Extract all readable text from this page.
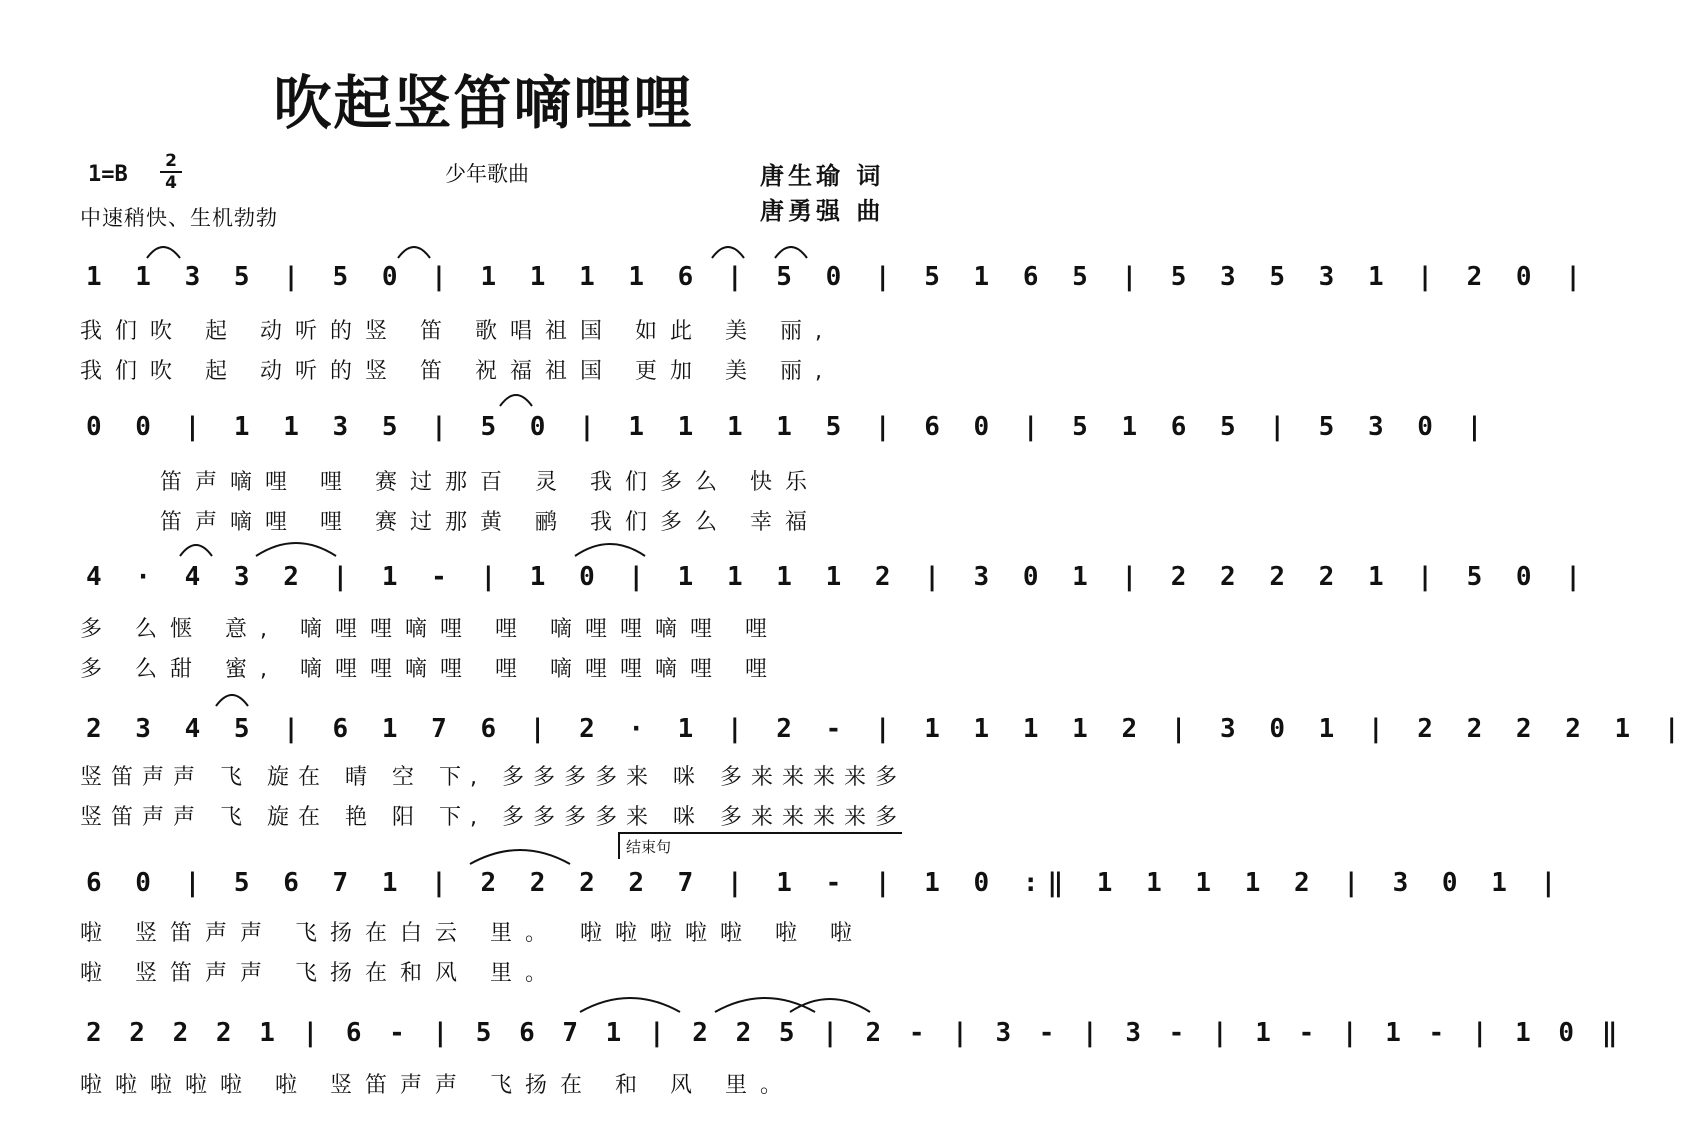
吹起竖笛嘀哩哩
1=B
2
4	少年歌曲	唐生瑜 词
唐勇强 曲
中速稍快、生机勃勃
1 1 3 5 | 5 0 | 1 1 1 1 6 | 5 0 | 5 1 6 5 | 5 3 5 3 1 | 2 0 |
我们吹 起 动听的竖 笛 歌唱祖国 如此 美 丽,
我们吹 起 动听的竖 笛 祝福祖国 更加 美 丽,
0 0 | 1 1 3 5 | 5 0 | 1 1 1 1 5 | 6 0 | 5 1 6 5 | 5 3 0 |
笛声嘀哩 哩 赛过那百 灵 我们多么 快乐
笛声嘀哩 哩 赛过那黄 鹂 我们多么 幸福
4 · 4 3 2 | 1 - | 1 0 | 1 1 1 1 2 | 3 0 1 | 2 2 2 2 1 | 5 0 |
多 么惬 意, 嘀哩哩嘀哩 哩 嘀哩哩嘀哩 哩
多 么甜 蜜, 嘀哩哩嘀哩 哩 嘀哩哩嘀哩 哩
2 3 4 5 | 6 1 7 6 | 2 · 1 | 2 - | 1 1 1 1 2 | 3 0 1 | 2 2 2 2 1 |
竖笛声声 飞 旋在 晴 空 下, 多多多多来 咪 多来来来来多
竖笛声声 飞 旋在 艳 阳 下, 多多多多来 咪 多来来来来多
结束句
6 0 | 5 6 7 1 | 2 2 2 2 7 | 1 - | 1 0 :‖ 1 1 1 1 2 | 3 0 1 |
啦 竖笛声声 飞扬在白云 里。 啦啦啦啦啦 啦 啦
啦 竖笛声声 飞扬在和风 里。
2 2 2 2 1 | 6 - | 5 6 7 1 | 2 2 5 | 2 - | 3 - | 3 - | 1 - | 1 - | 1 0 ‖
啦啦啦啦啦 啦 竖笛声声 飞扬在 和 风 里。
